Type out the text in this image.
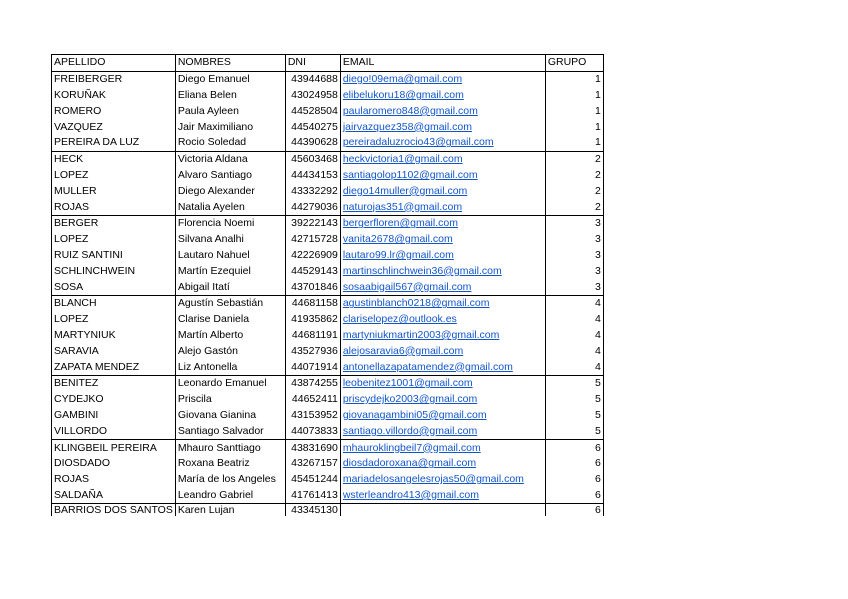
APELLIDO	NOMBRES	DNI	EMAIL	GRUPO
FREIBERGER	Diego Emanuel	43944688	diego!09ema@gmail.com	1
KORUÑAK	Eliana Belen	43024958	elibelukoru18@gmail.com	1
ROMERO	Paula Ayleen	44528504	paularomero848@gmail.com	1
VAZQUEZ	Jair Maximiliano	44540275	jairvazquez358@gmail.com	1
PEREIRA DA LUZ	Rocio Soledad	44390628	pereiradaluzrocio43@gmail.com	1
HECK	Victoria Aldana	45603468	heckvictoria1@gmail.com	2
LOPEZ	Alvaro Santiago	44434153	santiagolop1102@gmail.com	2
MULLER	Diego Alexander	43332292	diego14muller@gmail.com	2
ROJAS	Natalia Ayelen	44279036	naturojas351@gmail.com	2
BERGER	Florencia Noemi	39222143	bergerfloren@gmail.com	3
LOPEZ	Silvana Analhi	42715728	vanita2678@gmail.com	3
RUIZ SANTINI	Lautaro Nahuel	42226909	lautaro99.lr@gmail.com	3
SCHLINCHWEIN	Martín Ezequiel	44529143	martinschlinchwein36@gmail.com	3
SOSA	Abigail Itatí	43701846	sosaabigail567@gmail.com	3
BLANCH	Agustín Sebastián	44681158	agustinblanch0218@gmail.com	4
LOPEZ	Clarise Daniela	41935862	clariselopez@outlook.es	4
MARTYNIUK	Martín Alberto	44681191	martyniukmartin2003@gmail.com	4
SARAVIA	Alejo Gastón	43527936	alejosaravia6@gmail.com	4
ZAPATA MENDEZ	Liz Antonella	44071914	antonellazapatamendez@gmail.com	4
BENITEZ	Leonardo Emanuel	43874255	leobenitez1001@gmail.com	5
CYDEJKO	Priscila	44652411	priscydejko2003@gmail.com	5
GAMBINI	Giovana Gianina	43153952	giovanagambini05@gmail.com	5
VILLORDO	Santiago Salvador	44073833	santiago.villordo@gmail.com	5
KLINGBEIL PEREIRA	Mhauro Santtiago	43831690	mhauroklingbeil7@gmail.com	6
DIOSDADO	Roxana Beatriz	43267157	diosdadoroxana@gmail.com	6
ROJAS	María de los Angeles	45451244	mariadelosangelesrojas50@gmail.com	6
SALDAÑA	Leandro Gabriel	41761413	wsterleandro413@gmail.com	6
BARRIOS DOS SANTOS	Karen Lujan	43345130		6
